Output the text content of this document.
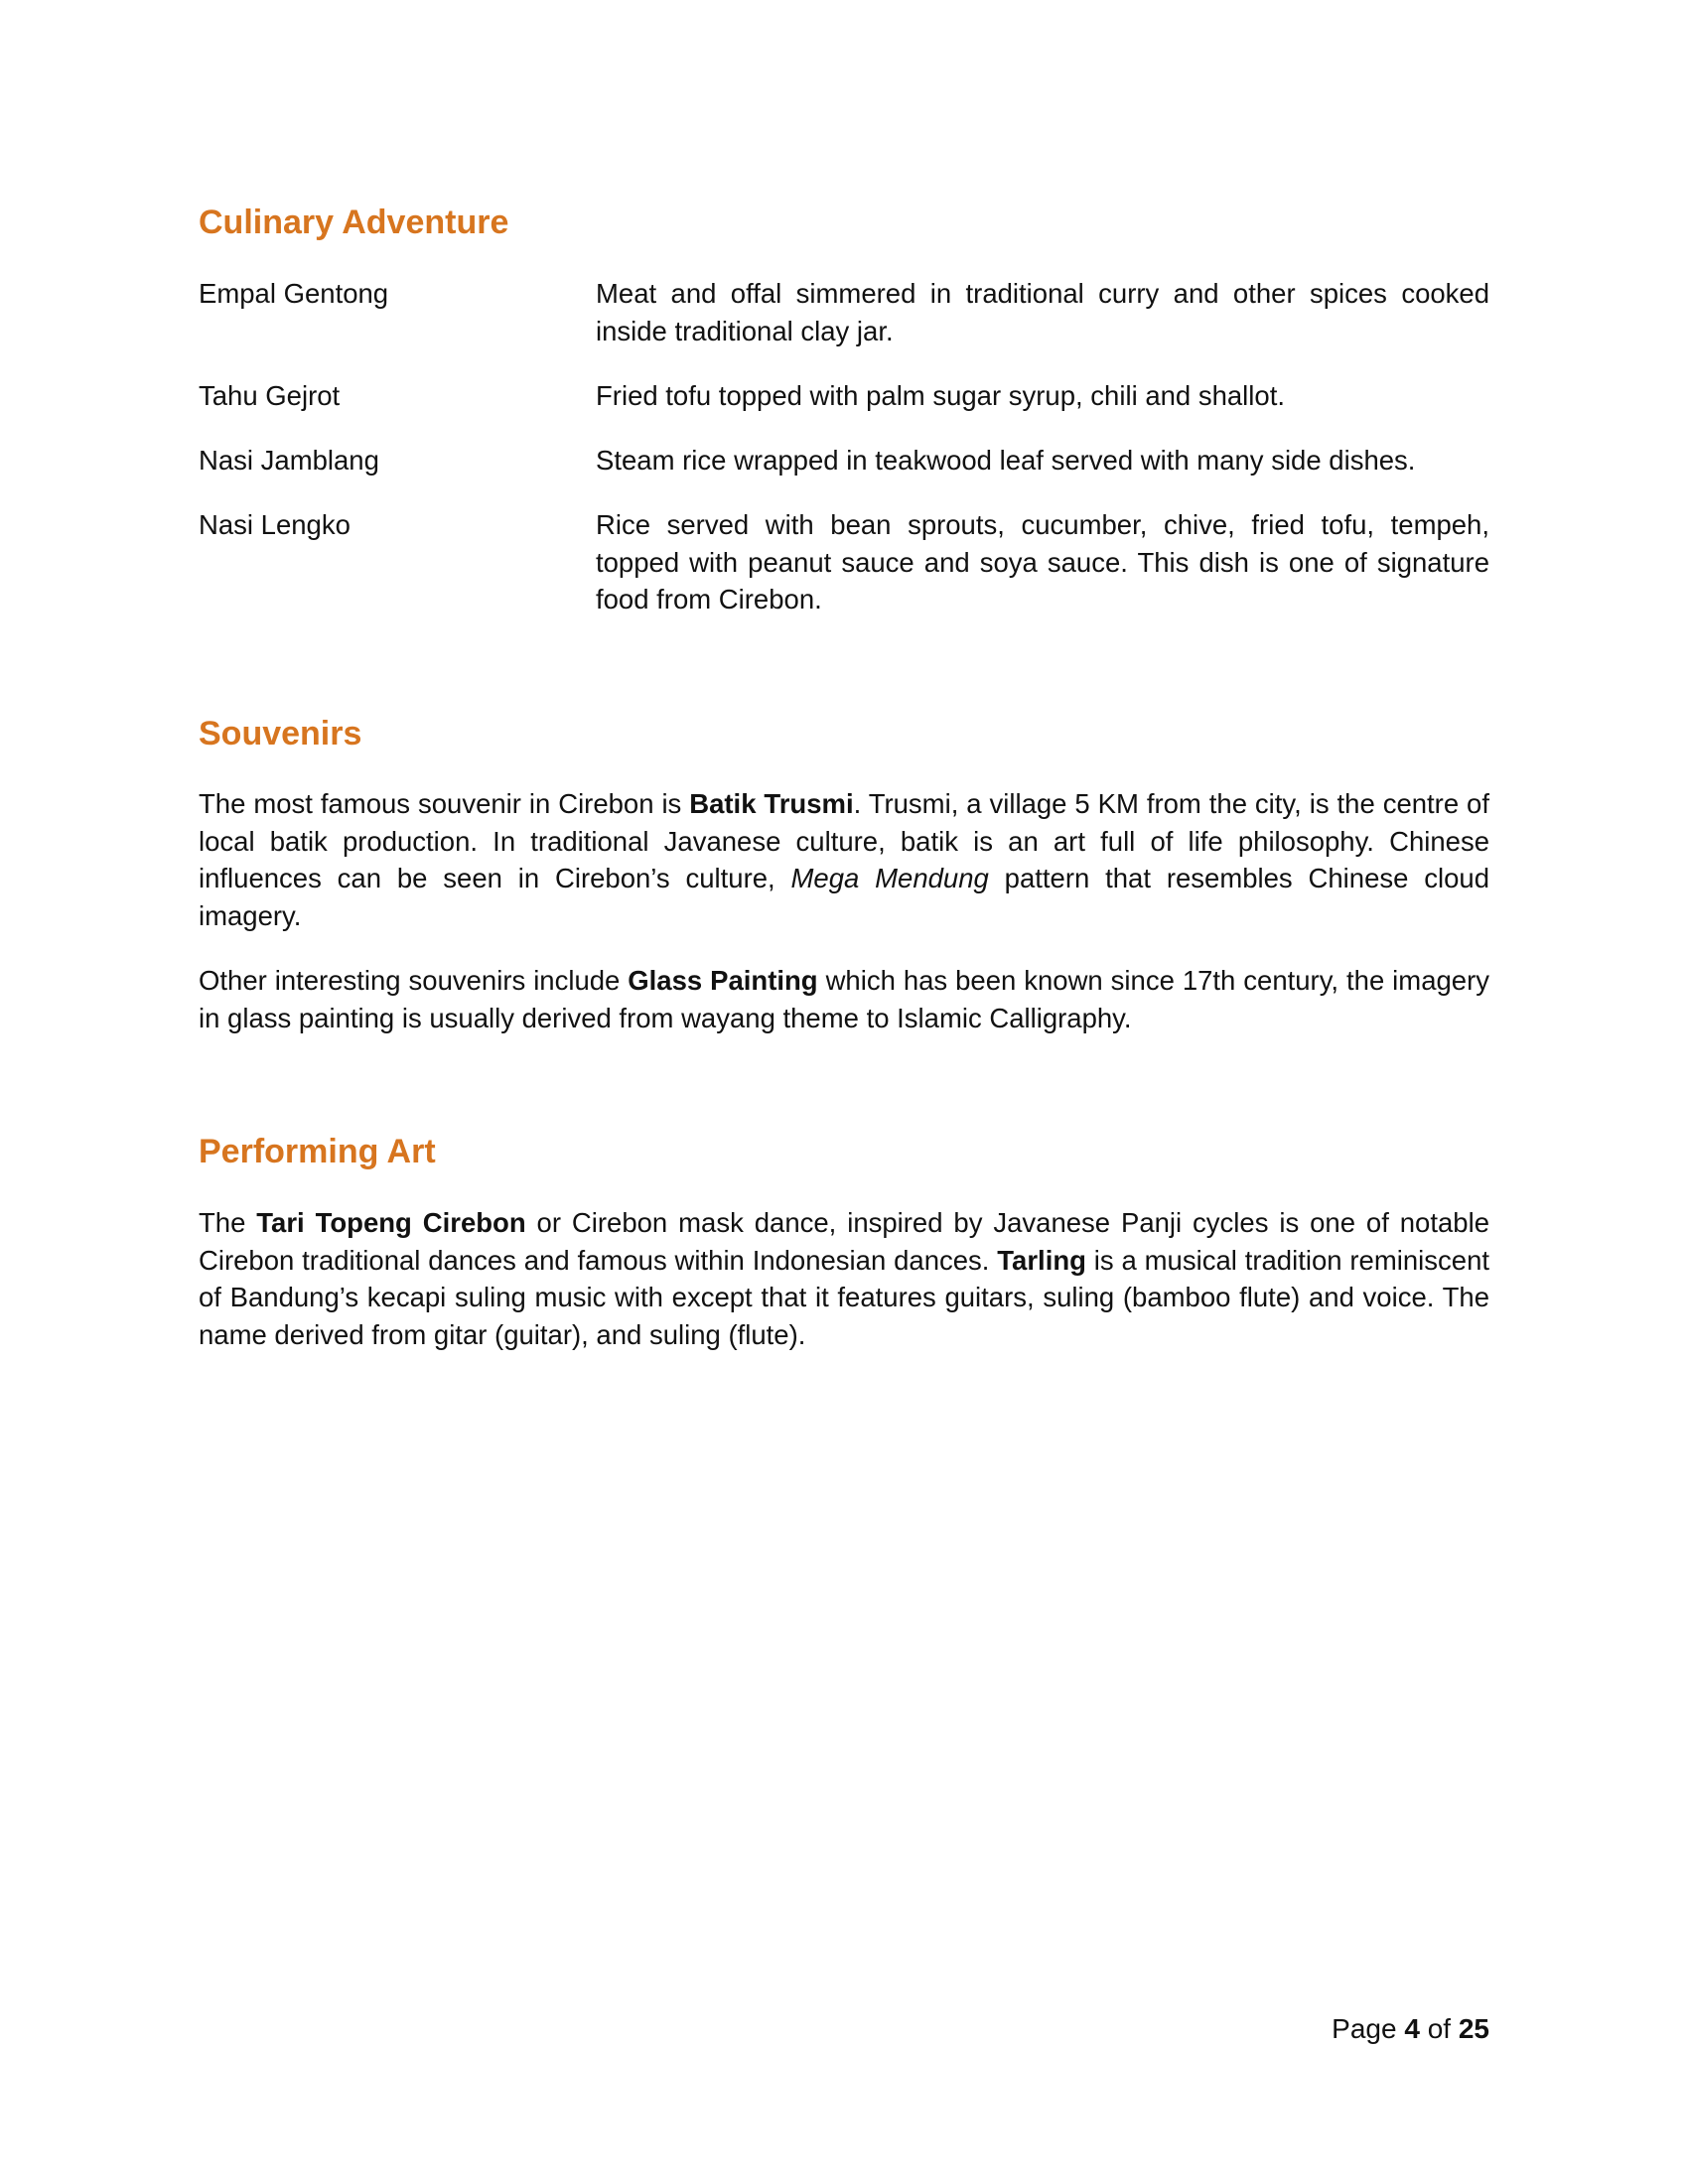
Culinary Adventure
Empal Gentong	Meat and offal simmered in traditional curry and other spices cooked inside traditional clay jar.
Tahu Gejrot	Fried tofu topped with palm sugar syrup, chili and shallot.
Nasi Jamblang	Steam rice wrapped in teakwood leaf served with many side dishes.
Nasi Lengko	Rice served with bean sprouts, cucumber, chive, fried tofu, tempeh, topped with peanut sauce and soya sauce. This dish is one of signature food from Cirebon.
Souvenirs

The most famous souvenir in Cirebon is Batik Trusmi. Trusmi, a village 5 KM from the city, is the centre of local batik production. In traditional Javanese culture, batik is an art full of life philosophy. Chinese influences can be seen in Cirebon’s culture, Mega Mendung pattern that resembles Chinese cloud imagery.

Other interesting souvenirs include Glass Painting which has been known since 17th century, the imagery in glass painting is usually derived from wayang theme to Islamic Calligraphy.

Performing Art

The Tari Topeng Cirebon or Cirebon mask dance, inspired by Javanese Panji cycles is one of notable Cirebon traditional dances and famous within Indonesian dances. Tarling is a musical tradition reminiscent of Bandung’s kecapi suling music with except that it features guitars, suling (bamboo flute) and voice. The name derived from gitar (guitar), and suling (flute).

Page 4 of 25
